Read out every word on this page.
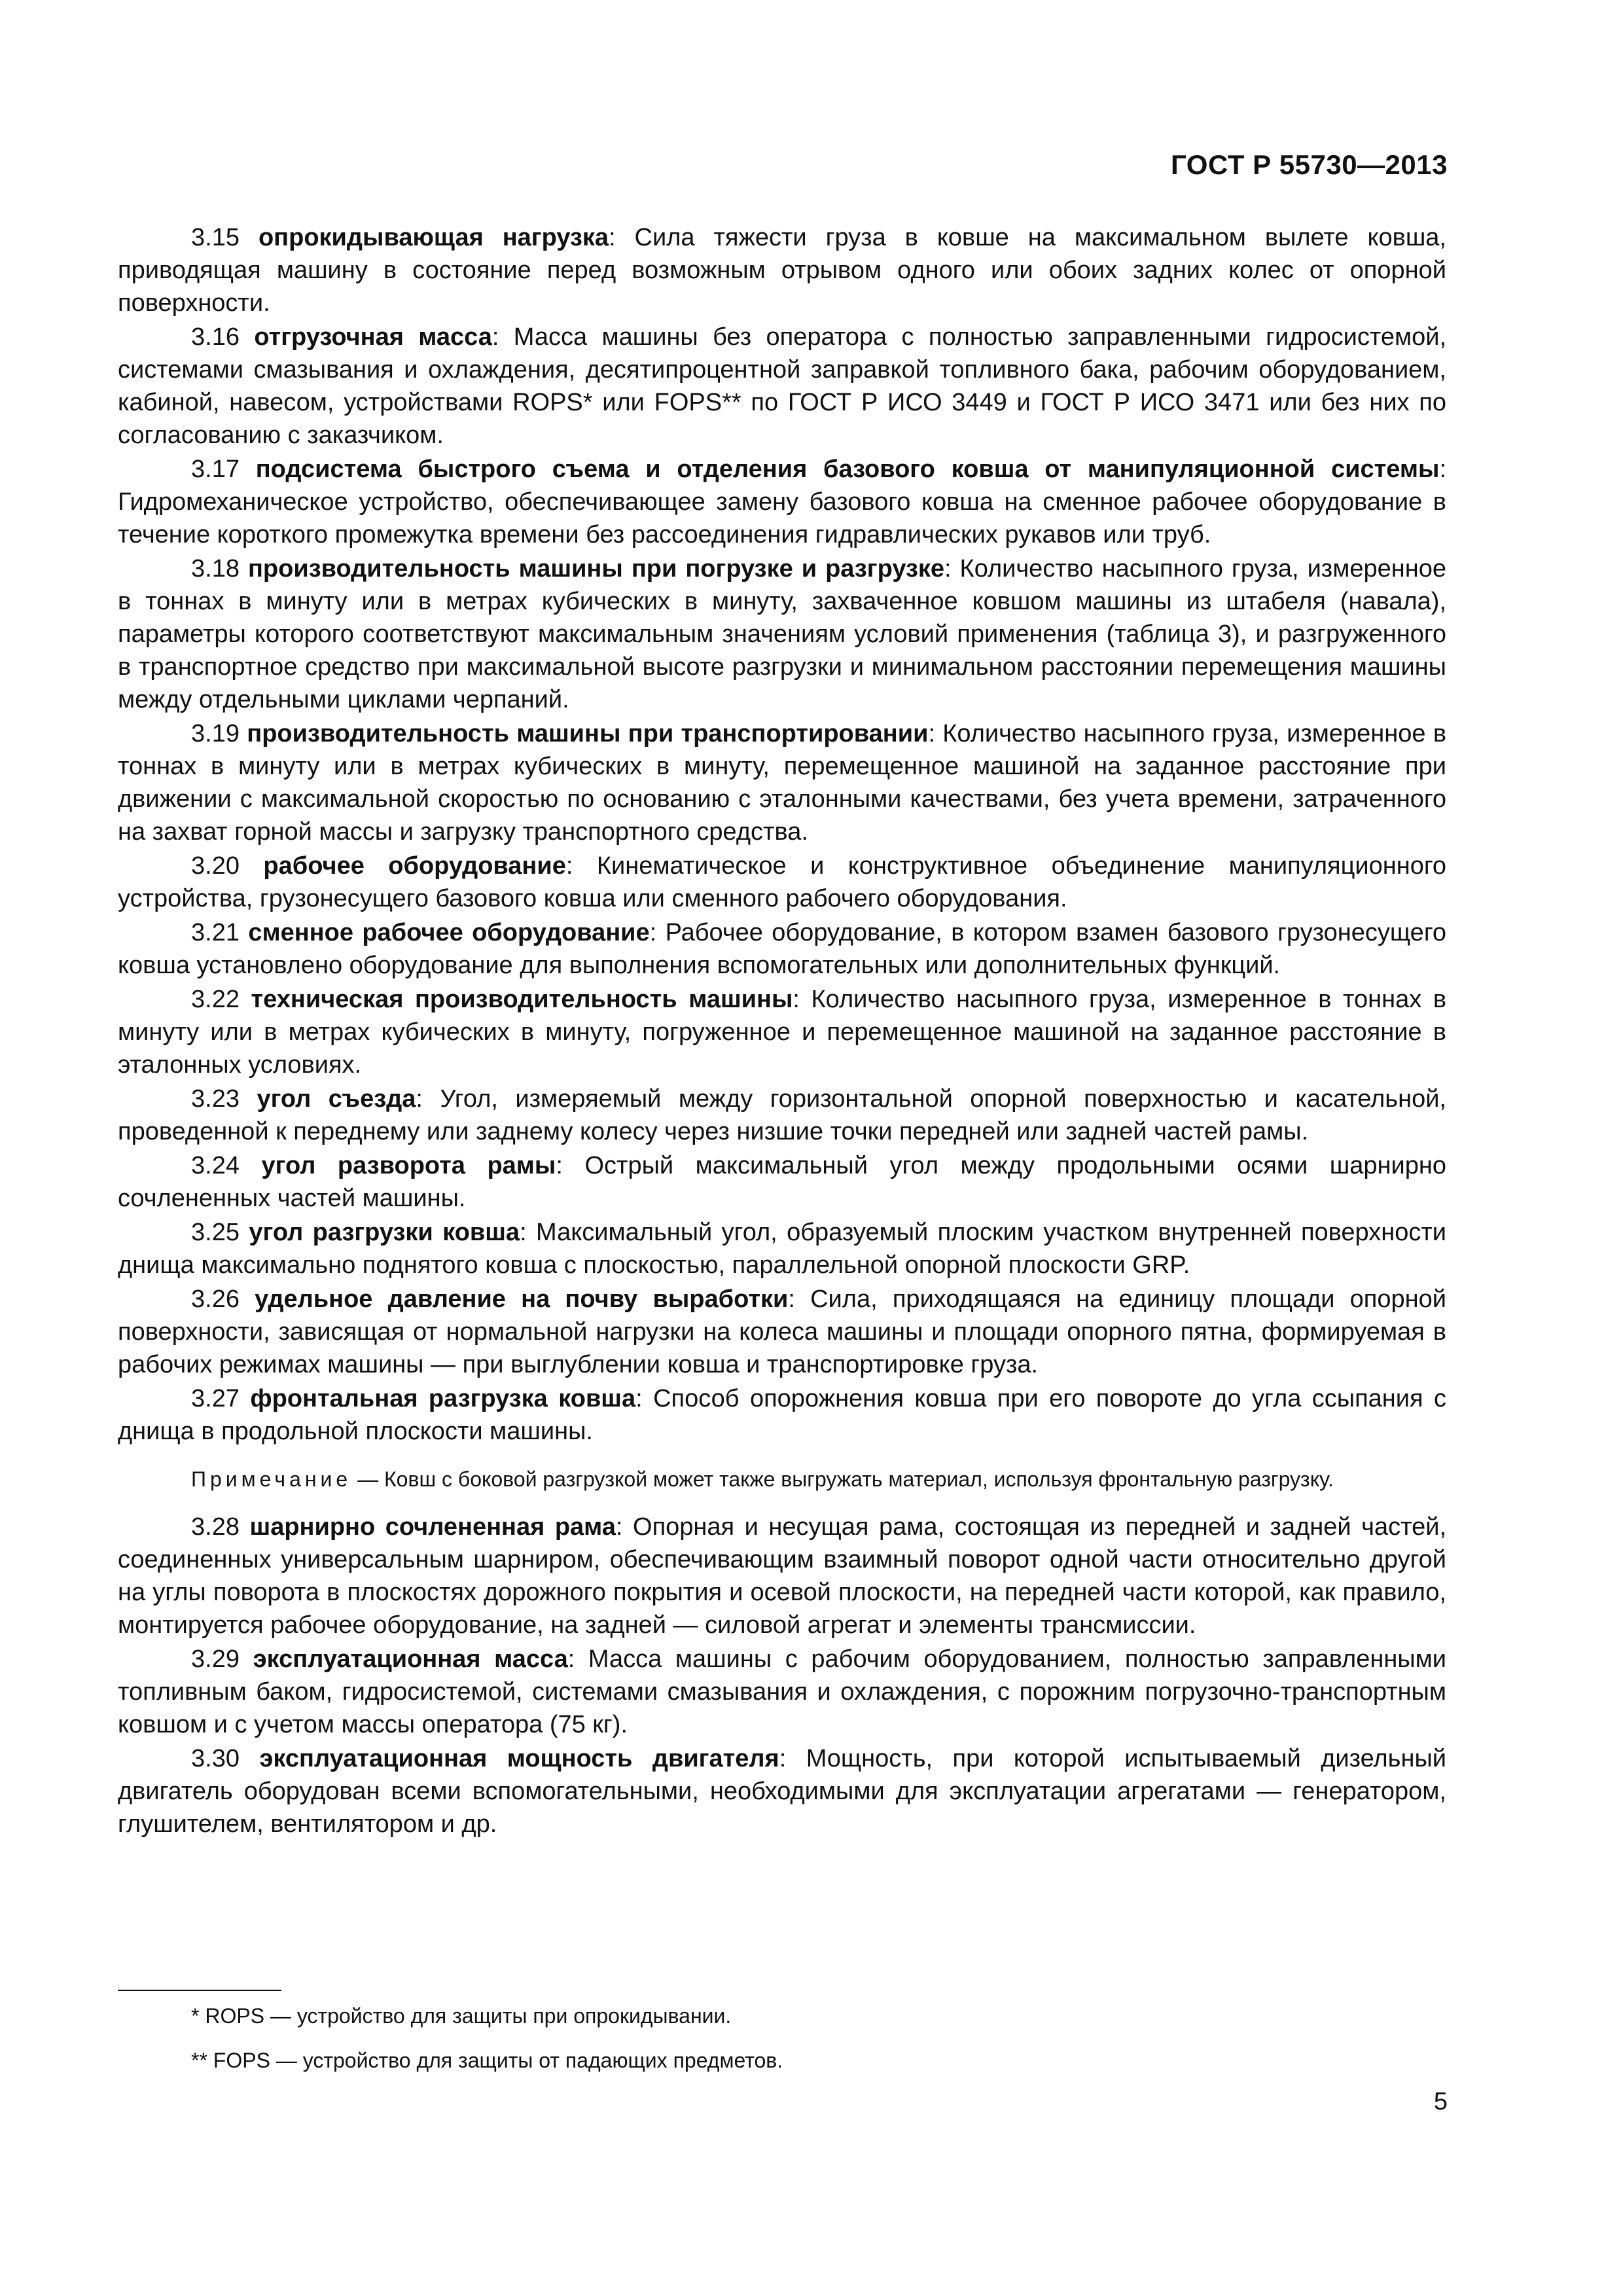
ГОСТ Р 55730—2013

3.15 опрокидывающая нагрузка: Сила тяжести груза в ковше на максимальном вылете ковша, приводящая машину в состояние перед возможным отрывом одного или обоих задних колес от опорной поверхности.

3.16 отгрузочная масса: Масса машины без оператора с полностью заправленными гидросистемой, системами смазывания и охлаждения, десятипроцентной заправкой топливного бака, рабочим оборудованием, кабиной, навесом, устройствами ROPS* или FOPS** по ГОСТ Р ИСО 3449 и ГОСТ Р ИСО 3471 или без них по согласованию с заказчиком.

3.17 подсистема быстрого съема и отделения базового ковша от манипуляционной системы: Гидромеханическое устройство, обеспечивающее замену базового ковша на сменное рабочее оборудование в течение короткого промежутка времени без рассоединения гидравлических рукавов или труб.

3.18 производительность машины при погрузке и разгрузке: Количество насыпного груза, измеренное в тоннах в минуту или в метрах кубических в минуту, захваченное ковшом машины из штабеля (навала), параметры которого соответствуют максимальным значениям условий применения (таблица 3), и разгруженного в транспортное средство при максимальной высоте разгрузки и минимальном расстоянии перемещения машины между отдельными циклами черпаний.

3.19 производительность машины при транспортировании: Количество насыпного груза, измеренное в тоннах в минуту или в метрах кубических в минуту, перемещенное машиной на заданное расстояние при движении с максимальной скоростью по основанию с эталонными качествами, без учета времени, затраченного на захват горной массы и загрузку транспортного средства.

3.20 рабочее оборудование: Кинематическое и конструктивное объединение манипуляционного устройства, грузонесущего базового ковша или сменного рабочего оборудования.

3.21 сменное рабочее оборудование: Рабочее оборудование, в котором взамен базового грузонесущего ковша установлено оборудование для выполнения вспомогательных или дополнительных функций.

3.22 техническая производительность машины: Количество насыпного груза, измеренное в тоннах в минуту или в метрах кубических в минуту, погруженное и перемещенное машиной на заданное расстояние в эталонных условиях.

3.23 угол съезда: Угол, измеряемый между горизонтальной опорной поверхностью и касательной, проведенной к переднему или заднему колесу через низшие точки передней или задней частей рамы.

3.24 угол разворота рамы: Острый максимальный угол между продольными осями шарнирно сочлененных частей машины.

3.25 угол разгрузки ковша: Максимальный угол, образуемый плоским участком внутренней поверхности днища максимально поднятого ковша с плоскостью, параллельной опорной плоскости GRP.

3.26 удельное давление на почву выработки: Сила, приходящаяся на единицу площади опорной поверхности, зависящая от нормальной нагрузки на колеса машины и площади опорного пятна, формируемая в рабочих режимах машины — при выглублении ковша и транспортировке груза.

3.27 фронтальная разгрузка ковша: Способ опорожнения ковша при его повороте до угла ссыпания с днища в продольной плоскости машины.

Примечание — Ковш с боковой разгрузкой может также выгружать материал, используя фронтальную разгрузку.

3.28 шарнирно сочлененная рама: Опорная и несущая рама, состоящая из передней и задней частей, соединенных универсальным шарниром, обеспечивающим взаимный поворот одной части относительно другой на углы поворота в плоскостях дорожного покрытия и осевой плоскости, на передней части которой, как правило, монтируется рабочее оборудование, на задней — силовой агрегат и элементы трансмиссии.

3.29 эксплуатационная масса: Масса машины с рабочим оборудованием, полностью заправленными топливным баком, гидросистемой, системами смазывания и охлаждения, с порожним погрузочно-транспортным ковшом и с учетом массы оператора (75 кг).

3.30 эксплуатационная мощность двигателя: Мощность, при которой испытываемый дизельный двигатель оборудован всеми вспомогательными, необходимыми для эксплуатации агрегатами — генератором, глушителем, вентилятором и др.

* ROPS — устройство для защиты при опрокидывании.

** FOPS — устройство для защиты от падающих предметов.

5
